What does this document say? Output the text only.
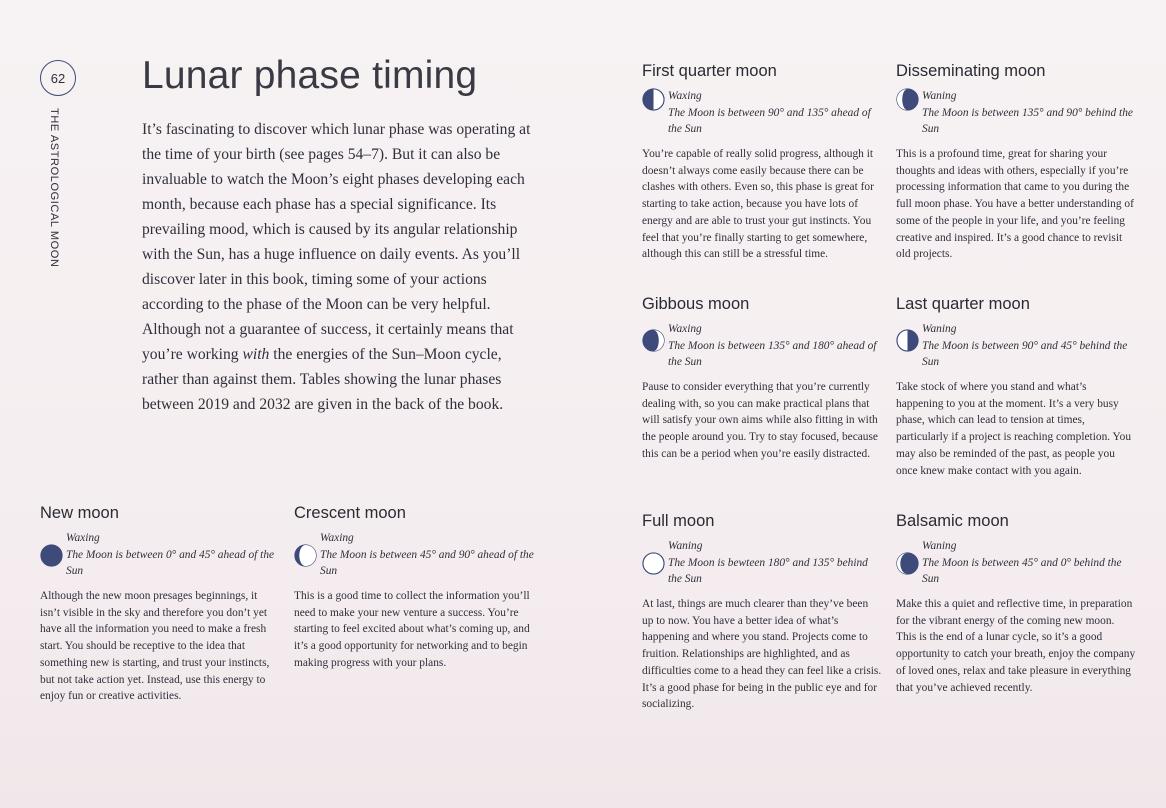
62
THE ASTROLOGICAL MOON
Lunar phase timing
It’s fascinating to discover which lunar phase was operating at the time of your birth (see pages 54–7). But it can also be invaluable to watch the Moon’s eight phases developing each month, because each phase has a special significance. Its prevailing mood, which is caused by its angular relationship with the Sun, has a huge influence on daily events. As you’ll discover later in this book, timing some of your actions according to the phase of the Moon can be very helpful. Although not a guarantee of success, it certainly means that you’re working with the energies of the Sun–Moon cycle, rather than against them. Tables showing the lunar phases between 2019 and 2032 are given in the back of the book.
New moon
Waxing
The Moon is between 0° and 45° ahead of the Sun
Although the new moon presages beginnings, it isn’t visible in the sky and therefore you don’t yet have all the information you need to make a fresh start. You should be receptive to the idea that something new is starting, and trust your instincts, but not take action yet. Instead, use this energy to enjoy fun or creative activities.
Crescent moon
Waxing
The Moon is between 45° and 90° ahead of the Sun
This is a good time to collect the information you’ll need to make your new venture a success. You’re starting to feel excited about what’s coming up, and it’s a good opportunity for networking and to begin making progress with your plans.
First quarter moon
Waxing
The Moon is between 90° and 135° ahead of the Sun
You’re capable of really solid progress, although it doesn’t always come easily because there can be clashes with others. Even so, this phase is great for starting to take action, because you have lots of energy and are able to trust your gut instincts. You feel that you’re finally starting to get somewhere, although this can still be a stressful time.
Gibbous moon
Waxing
The Moon is between 135° and 180° ahead of the Sun
Pause to consider everything that you’re currently dealing with, so you can make practical plans that will satisfy your own aims while also fitting in with the people around you. Try to stay focused, because this can be a period when you’re easily distracted.
Full moon
Waning
The Moon is bewteen 180° and 135° behind the Sun
At last, things are much clearer than they’ve been up to now. You have a better idea of what’s happening and where you stand. Projects come to fruition. Relationships are highlighted, and as difficulties come to a head they can feel like a crisis. It’s a good phase for being in the public eye and for socializing.
Disseminating moon
Waning
The Moon is between 135° and 90° behind the Sun
This is a profound time, great for sharing your thoughts and ideas with others, especially if you’re processing information that came to you during the full moon phase. You have a better understanding of some of the people in your life, and you’re feeling creative and inspired. It’s a good chance to revisit old projects.
Last quarter moon
Waning
The Moon is between 90° and 45° behind the Sun
Take stock of where you stand and what’s happening to you at the moment. It’s a very busy phase, which can lead to tension at times, particularly if a project is reaching completion. You may also be reminded of the past, as people you once knew make contact with you again.
Balsamic moon
Waning
The Moon is between 45° and 0° behind the Sun
Make this a quiet and reflective time, in preparation for the vibrant energy of the coming new moon. This is the end of a lunar cycle, so it’s a good opportunity to catch your breath, enjoy the company of loved ones, relax and take pleasure in everything that you’ve achieved recently.
